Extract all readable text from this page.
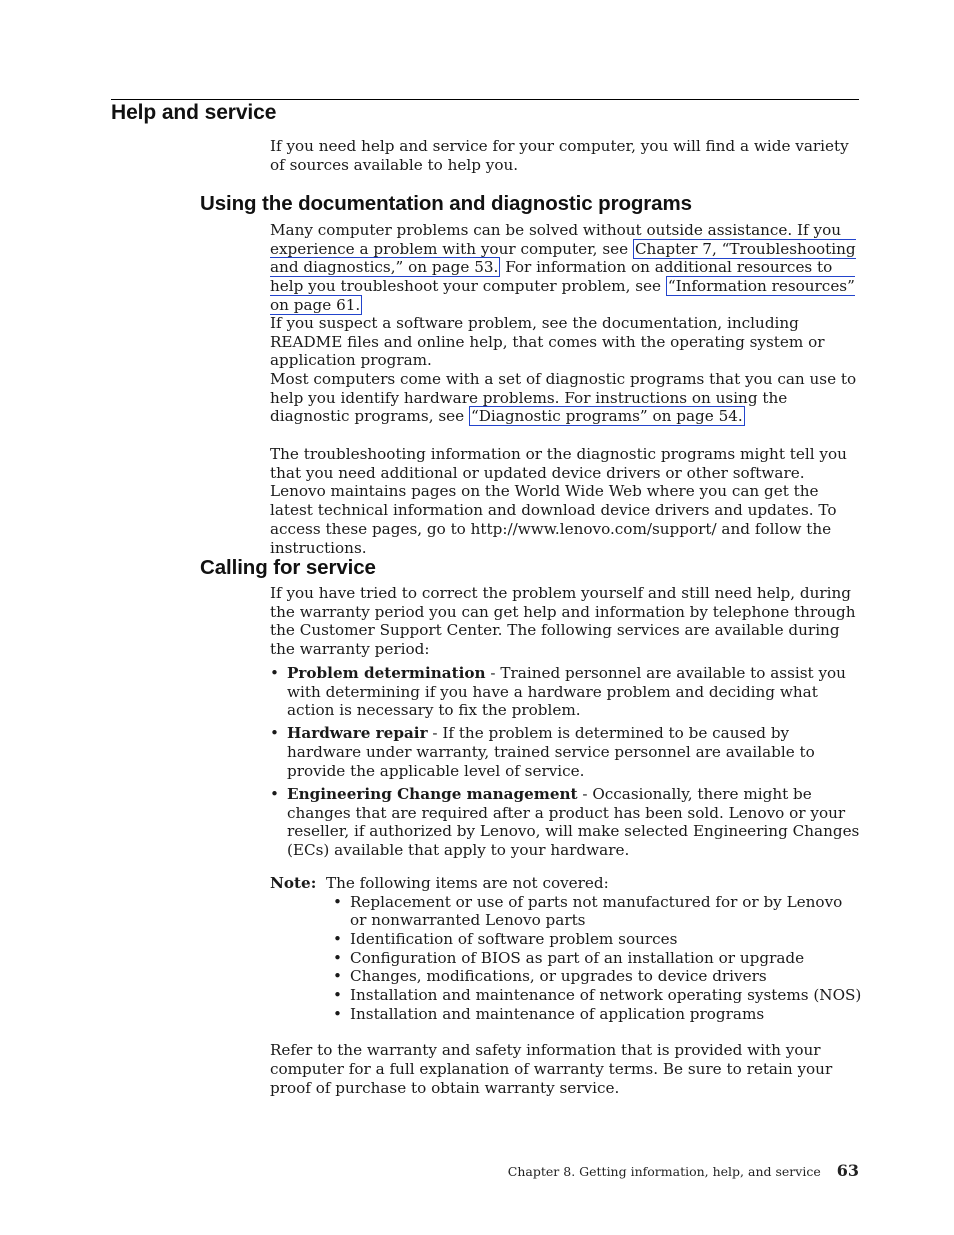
Help and service

If you need help and service for your computer, you will find a wide variety of sources available to help you.

Using the documentation and diagnostic programs

Many computer problems can be solved without outside assistance. If you experience a problem with your computer, see Chapter 7, “Troubleshooting and diagnostics,” on page 53. For information on additional resources to help you troubleshoot your computer problem, see “Information resources” on page 61.

If you suspect a software problem, see the documentation, including README files and online help, that comes with the operating system or application program.

Most computers come with a set of diagnostic programs that you can use to help you identify hardware problems. For instructions on using the diagnostic programs, see “Diagnostic programs” on page 54.

The troubleshooting information or the diagnostic programs might tell you that you need additional or updated device drivers or other software. Lenovo maintains pages on the World Wide Web where you can get the latest technical information and download device drivers and updates. To access these pages, go to http://www.lenovo.com/support/ and follow the instructions.

Calling for service

If you have tried to correct the problem yourself and still need help, during the warranty period you can get help and information by telephone through the Customer Support Center. The following services are available during the warranty period:

• Problem determination - Trained personnel are available to assist you with determining if you have a hardware problem and deciding what action is necessary to fix the problem.
• Hardware repair - If the problem is determined to be caused by hardware under warranty, trained service personnel are available to provide the applicable level of service.
• Engineering Change management - Occasionally, there might be changes that are required after a product has been sold. Lenovo or your reseller, if authorized by Lenovo, will make selected Engineering Changes (ECs) available that apply to your hardware.

Note: The following items are not covered:

• Replacement or use of parts not manufactured for or by Lenovo or nonwarranted Lenovo parts
• Identification of software problem sources
• Configuration of BIOS as part of an installation or upgrade
• Changes, modifications, or upgrades to device drivers
• Installation and maintenance of network operating systems (NOS)
• Installation and maintenance of application programs

Refer to the warranty and safety information that is provided with your computer for a full explanation of warranty terms. Be sure to retain your proof of purchase to obtain warranty service.

Chapter 8. Getting information, help, and service 63
